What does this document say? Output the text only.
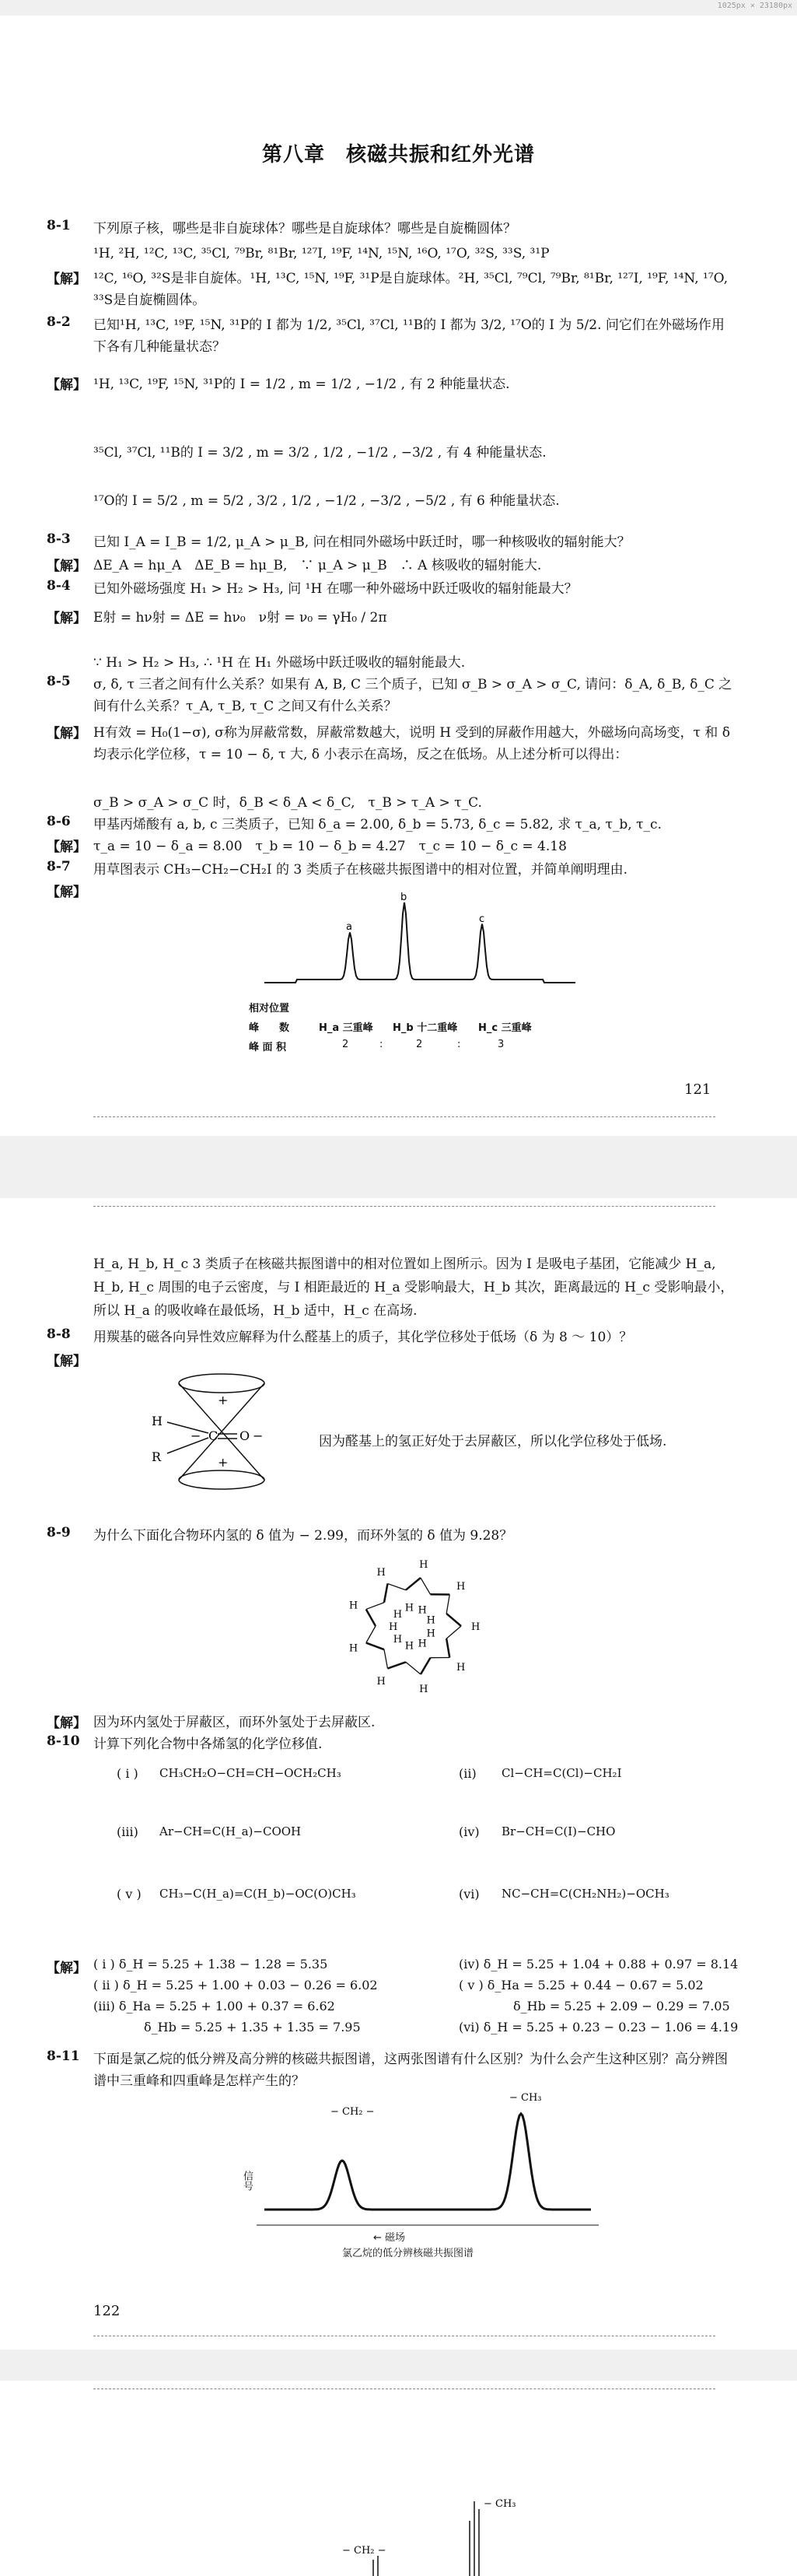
1025px × 23180px
第八章　核磁共振和红外光谱
8-1 下列原子核，哪些是非自旋球体？哪些是自旋球体？哪些是自旋椭圆体？
¹H, ²H, ¹²C, ¹³C, ³⁵Cl, ⁷⁹Br, ⁸¹Br, ¹²⁷I, ¹⁹F, ¹⁴N, ¹⁵N, ¹⁶O, ¹⁷O, ³²S, ³³S, ³¹P
【解】 ¹²C, ¹⁶O, ³²S是非自旋体。¹H, ¹³C, ¹⁵N, ¹⁹F, ³¹P是自旋球体。²H, ³⁵Cl, ⁷⁹Cl, ⁷⁹Br, ⁸¹Br, ¹²⁷I, ¹⁹F, ¹⁴N, ¹⁷O, ³³S是自旋椭圆体。
8-2 已知¹H, ¹³C, ¹⁹F, ¹⁵N, ³¹P的 I 都为 1/2, ³⁵Cl, ³⁷Cl, ¹¹B的 I 都为 3/2, ¹⁷O的 I 为 5/2. 问它们在外磁场作用下各有几种能量状态？
【解】 ¹H, ¹³C, ¹⁹F, ¹⁵N, ³¹P的 I = 1/2 , m = 1/2 , −1/2 , 有 2 种能量状态.
³⁵Cl, ³⁷Cl, ¹¹B的 I = 3/2 , m = 3/2 , 1/2 , −1/2 , −3/2 , 有 4 种能量状态.
¹⁷O的 I = 5/2 , m = 5/2 , 3/2 , 1/2 , −1/2 , −3/2 , −5/2 , 有 6 种能量状态.
8-3 已知 I_A = I_B = 1/2, μ_A > μ_B, 问在相同外磁场中跃迁时，哪一种核吸收的辐射能大？
【解】 ΔE_A = hμ_A　ΔE_B = hμ_B,　∵ μ_A > μ_B　∴ A 核吸收的辐射能大.
8-4 已知外磁场强度 H₁ > H₂ > H₃, 问 ¹H 在哪一种外磁场中跃迁吸收的辐射能最大？
【解】 E射 = hν射 = ΔE = hν₀　ν射 = ν₀ = γH₀ / 2π
∵ H₁ > H₂ > H₃, ∴ ¹H 在 H₁ 外磁场中跃迁吸收的辐射能最大.
8-5 σ, δ, τ 三者之间有什么关系？如果有 A, B, C 三个质子，已知 σ_B > σ_A > σ_C, 请问：δ_A, δ_B, δ_C 之间有什么关系？τ_A, τ_B, τ_C 之间又有什么关系？
【解】 H有效 = H₀(1−σ), σ称为屏蔽常数，屏蔽常数越大，说明 H 受到的屏蔽作用越大，外磁场向高场变，τ 和 δ 均表示化学位移，τ = 10 − δ, τ 大, δ 小表示在高场，反之在低场。从上述分析可以得出：
σ_B > σ_A > σ_C 时，δ_B < δ_A < δ_C,　τ_B > τ_A > τ_C.
8-6 甲基丙烯酸有 a, b, c 三类质子，已知 δ_a = 2.00, δ_b = 5.73, δ_c = 5.82, 求 τ_a, τ_b, τ_c.
【解】 τ_a = 10 − δ_a = 8.00　τ_b = 10 − δ_b = 4.27　τ_c = 10 − δ_c = 4.18
8-7 用草图表示 CH₃−CH₂−CH₂I 的 3 类质子在核磁共振图谱中的相对位置，并简单阐明理由.
【解】
a
b
c
相对位置
峰　　数	H_a 三重峰 H_b 十二重峰 H_c 三重峰
峰 面 积	2	:	2	:	3
121
H_a, H_b, H_c 3 类质子在核磁共振图谱中的相对位置如上图所示。因为 I 是吸电子基团，它能减少 H_a, H_b, H_c 周围的电子云密度，与 I 相距最近的 H_a 受影响最大，H_b 其次，距离最远的 H_c 受影响最小，所以 H_a 的吸收峰在最低场，H_b 适中，H_c 在高场.
8-8 用羰基的磁各向异性效应解释为什么醛基上的质子，其化学位移处于低场（δ 为 8 ～ 10）？
【解】
H
R
C O
+
+
−	−	因为醛基上的氢正好处于去屏蔽区，所以化学位移处于低场.
8-9 为什么下面化合物环内氢的 δ 值为 − 2.99，而环外氢的 δ 值为 9.28？
H
H
H
H
H
H
H
H
H
H
H
H
H
H
H
H
H
H
【解】 因为环内氢处于屏蔽区，而环外氢处于去屏蔽区.
8-10 计算下列化合物中各烯氢的化学位移值.
( i ) CH₃CH₂O−CH=CH−OCH₂CH₃	(ii) Cl−CH=C(Cl)−CH₂I
(iii) Ar−CH=C(H_a)−COOH	(iv) Br−CH=C(I)−CHO
( v ) CH₃−C(H_a)=C(H_b)−OC(O)CH₃	(vi) NC−CH=C(CH₂NH₂)−OCH₃
【解】 ( i ) δ_H = 5.25 + 1.38 − 1.28 = 5.35
( ii ) δ_H = 5.25 + 1.00 + 0.03 − 0.26 = 6.02
(iii) δ_Ha = 5.25 + 1.00 + 0.37 = 6.62
δ_Hb = 5.25 + 1.35 + 1.35 = 7.95
(iv) δ_H = 5.25 + 1.04 + 0.88 + 0.97 = 8.14
( v ) δ_Ha = 5.25 + 0.44 − 0.67 = 5.02
δ_Hb = 5.25 + 2.09 − 0.29 = 7.05
(vi) δ_H = 5.25 + 0.23 − 0.23 − 1.06 = 4.19
8-11 下面是氯乙烷的低分辨及高分辨的核磁共振图谱，这两张图谱有什么区别？为什么会产生这种区别？高分辨图谱中三重峰和四重峰是怎样产生的？
− CH₂ −
− CH₃
信号
← 磁场
氯乙烷的低分辨核磁共振图谱
122
− CH₃
− CH₂ −
